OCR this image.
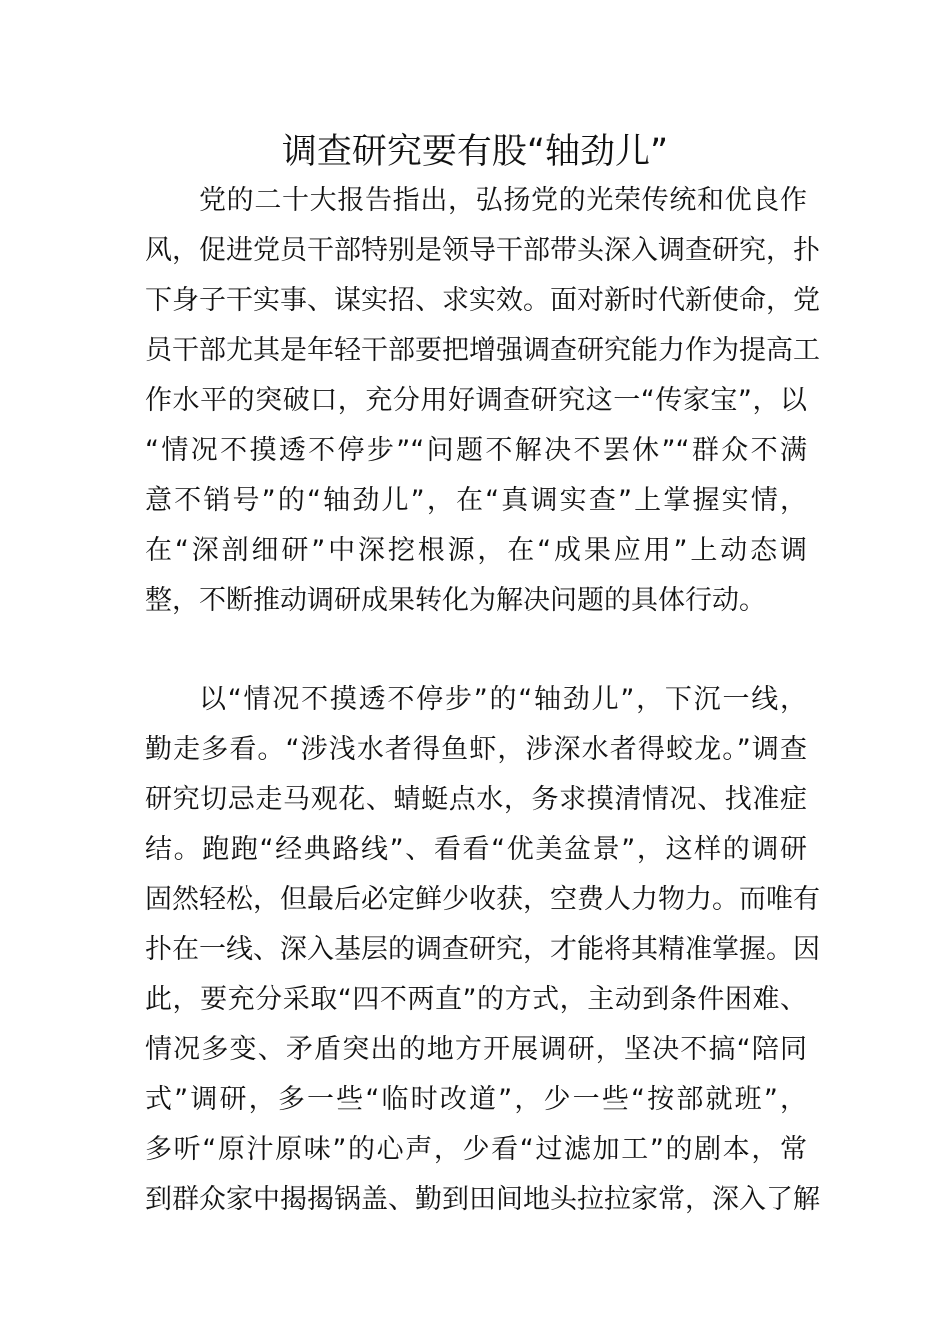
调查研究要有股“轴劲儿”
党的二十大报告指出，弘扬党的光荣传统和优良作
风，促进党员干部特别是领导干部带头深入调查研究，扑
下身子干实事、谋实招、求实效。面对新时代新使命，党
员干部尤其是年轻干部要把增强调查研究能力作为提高工
作水平的突破口，充分用好调查研究这一“传家宝”，以
“情况不摸透不停步”“问题不解决不罢休”“群众不满
意不销号”的“轴劲儿”，在“真调实查”上掌握实情，
在“深剖细研”中深挖根源，在“成果应用”上动态调
整，不断推动调研成果转化为解决问题的具体行动。
以“情况不摸透不停步”的“轴劲儿”，下沉一线，
勤走多看。“涉浅水者得鱼虾，涉深水者得蛟龙。”调查
研究切忌走马观花、蜻蜓点水，务求摸清情况、找准症
结。跑跑“经典路线”、看看“优美盆景”，这样的调研
固然轻松，但最后必定鲜少收获，空费人力物力。而唯有
扑在一线、深入基层的调查研究，才能将其精准掌握。因
此，要充分采取“四不两直”的方式，主动到条件困难、
情况多变、矛盾突出的地方开展调研，坚决不搞“陪同
式”调研，多一些“临时改道”，少一些“按部就班”，
多听“原汁原味”的心声，少看“过滤加工”的剧本，常
到群众家中揭揭锅盖、勤到田间地头拉拉家常，深入了解
